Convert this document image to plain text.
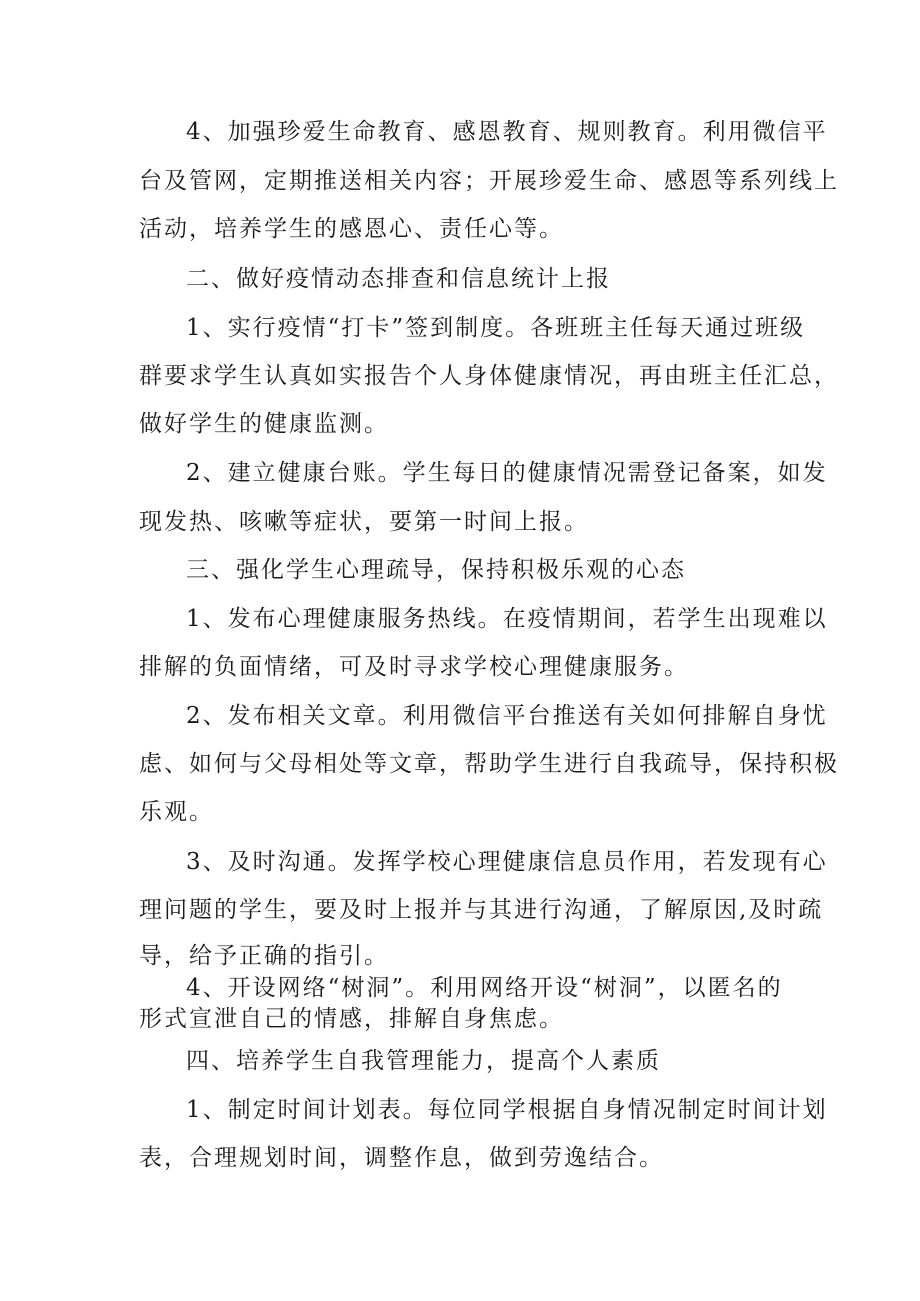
4、加强珍爱生命教育、感恩教育、规则教育。利用微信平

台及管网，定期推送相关内容；开展珍爱生命、感恩等系列线上

活动，培养学生的感恩心、责任心等。

二、做好疫情动态排查和信息统计上报

1、实行疫情“打卡”签到制度。各班班主任每天通过班级

群要求学生认真如实报告个人身体健康情况，再由班主任汇总，

做好学生的健康监测。

2、建立健康台账。学生每日的健康情况需登记备案，如发

现发热、咳嗽等症状，要第一时间上报。

三、强化学生心理疏导，保持积极乐观的心态

1、发布心理健康服务热线。在疫情期间，若学生出现难以

排解的负面情绪，可及时寻求学校心理健康服务。

2、发布相关文章。利用微信平台推送有关如何排解自身忧

虑、如何与父母相处等文章，帮助学生进行自我疏导，保持积极

乐观。

3、及时沟通。发挥学校心理健康信息员作用，若发现有心

理问题的学生，要及时上报并与其进行沟通，了解原因,及时疏

导，给予正确的指引。

4、开设网络“树洞”。利用网络开设“树洞”，以匿名的

形式宣泄自己的情感，排解自身焦虑。

四、培养学生自我管理能力，提高个人素质

1、制定时间计划表。每位同学根据自身情况制定时间计划

表，合理规划时间，调整作息，做到劳逸结合。
